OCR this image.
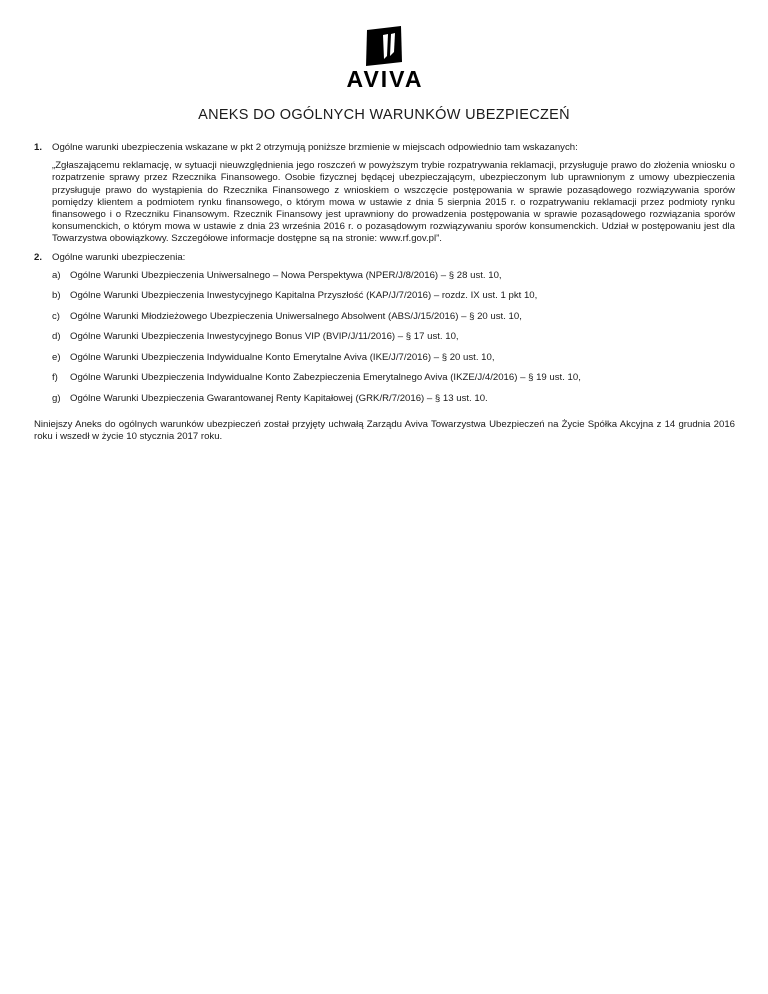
AVIVA
ANEKS DO OGÓLNYCH WARUNKÓW UBEZPIECZEŃ
1. Ogólne warunki ubezpieczenia wskazane w pkt 2 otrzymują poniższe brzmienie w miejscach odpowiednio tam wskazanych:

„Zgłaszającemu reklamację, w sytuacji nieuwzględnienia jego roszczeń w powyższym trybie rozpatrywania reklamacji, przysługuje prawo do złożenia wniosku o rozpatrzenie sprawy przez Rzecznika Finansowego. Osobie fizycznej będącej ubezpieczającym, ubezpieczonym lub uprawnionym z umowy ubezpieczenia przysługuje prawo do wystąpienia do Rzecznika Finansowego z wnioskiem o wszczęcie postępowania w sprawie pozasądowego rozwiązywania sporów pomiędzy klientem a podmiotem rynku finansowego, o którym mowa w ustawie z dnia 5 sierpnia 2015 r. o rozpatrywaniu reklamacji przez podmioty rynku finansowego i o Rzeczniku Finansowym. Rzecznik Finansowy jest uprawniony do prowadzenia postępowania w sprawie pozasądowego rozwiązania sporów konsumenckich, o którym mowa w ustawie z dnia 23 września 2016 r. o pozasądowym rozwiązywaniu sporów konsumenckich. Udział w postępowaniu jest dla Towarzystwa obowiązkowy. Szczegółowe informacje dostępne są na stronie: www.rf.gov.pl”.

2. Ogólne warunki ubezpieczenia:

a) Ogólne Warunki Ubezpieczenia Uniwersalnego – Nowa Perspektywa (NPER/J/8/2016) – § 28 ust. 10,
b) Ogólne Warunki Ubezpieczenia Inwestycyjnego Kapitalna Przyszłość (KAP/J/7/2016) – rozdz. IX ust. 1 pkt 10,
c) Ogólne Warunki Młodzieżowego Ubezpieczenia Uniwersalnego Absolwent (ABS/J/15/2016) – § 20 ust. 10,
d) Ogólne Warunki Ubezpieczenia Inwestycyjnego Bonus VIP (BVIP/J/11/2016) – § 17 ust. 10,
e) Ogólne Warunki Ubezpieczenia Indywidualne Konto Emerytalne Aviva (IKE/J/7/2016) – § 20 ust. 10,
f) Ogólne Warunki Ubezpieczenia Indywidualne Konto Zabezpieczenia Emerytalnego Aviva (IKZE/J/4/2016) – § 19 ust. 10,
g) Ogólne Warunki Ubezpieczenia Gwarantowanej Renty Kapitałowej (GRK/R/7/2016) – § 13 ust. 10.

Niniejszy Aneks do ogólnych warunków ubezpieczeń został przyjęty uchwałą Zarządu Aviva Towarzystwa Ubezpieczeń na Życie Spółka Akcyjna z 14 grudnia 2016 roku i wszedł w życie 10 stycznia 2017 roku.
